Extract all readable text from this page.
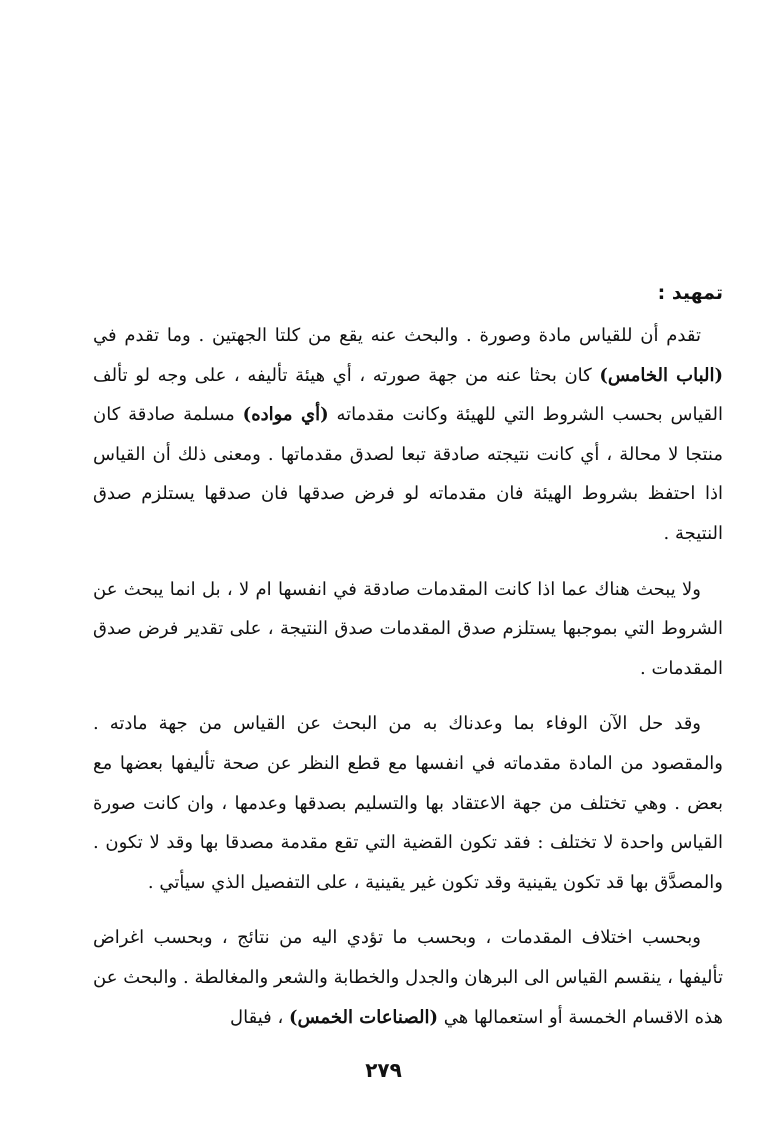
تمهيد :

تقدم أن للقياس مادة وصورة . والبحث عنه يقع من كلتا الجهتين . وما تقدم في (الباب الخامس) كان بحثا عنه من جهة صورته ، أي هيئة تأليفه ، على وجه لو تألف القياس بحسب الشروط التي للهيئة وكانت مقدماته (أي مواده) مسلمة صادقة كان منتجا لا محالة ، أي كانت نتيجته صادقة تبعا لصدق مقدماتها . ومعنى ذلك أن القياس اذا احتفظ بشروط الهيئة فان مقدماته لو فرض صدقها فان صدقها يستلزم صدق النتيجة .

ولا يبحث هناك عما اذا كانت المقدمات صادقة في انفسها ام لا ، بل انما يبحث عن الشروط التي بموجبها يستلزم صدق المقدمات صدق النتيجة ، على تقدير فرض صدق المقدمات .

وقد حل الآن الوفاء بما وعدناك به من البحث عن القياس من جهة مادته . والمقصود من المادة مقدماته في انفسها مع قطع النظر عن صحة تأليفها بعضها مع بعض . وهي تختلف من جهة الاعتقاد بها والتسليم بصدقها وعدمها ، وان كانت صورة القياس واحدة لا تختلف : فقد تكون القضية التي تقع مقدمة مصدقا بها وقد لا تكون . والمصدَّق بها قد تكون يقينية وقد تكون غير يقينية ، على التفصيل الذي سيأتي .

وبحسب اختلاف المقدمات ، وبحسب ما تؤدي اليه من نتائج ، وبحسب اغراض تأليفها ، ينقسم القياس الى البرهان والجدل والخطابة والشعر والمغالطة . والبحث عن هذه الاقسام الخمسة أو استعمالها هي (الصناعات الخمس) ، فيقال

٢٧٩
